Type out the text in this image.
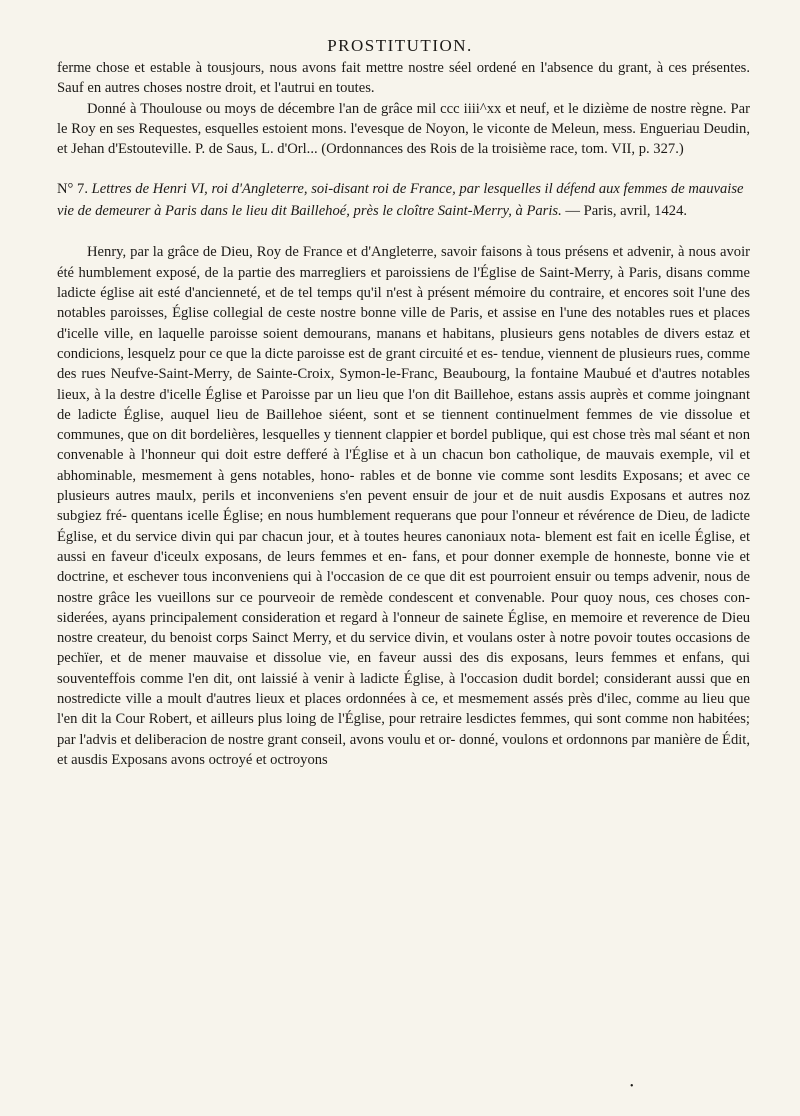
PROSTITUTION.

ferme chose et estable à tousjours, nous avons fait mettre nostre séel ordené en l'absence du grant, à ces présentes. Sauf en autres choses nostre droit, et l'autrui en toutes.

Donné à Thoulouse ou moys de décembre l'an de grâce mil ccc iiii^xx et neuf, et le dizième de nostre règne. Par le Roy en ses Requestes, esquelles estoient mons. l'evesque de Noyon, le viconte de Meleun, mess. Engueriau Deudin, et Jehan d'Estouteville. P. de Saus, L. d'Orl... (Ordonnances des Rois de la troisième race, tom. VII, p. 327.)

N° 7. Lettres de Henri VI, roi d'Angleterre, soi-disant roi de France, par lesquelles il défend aux femmes de mauvaise vie de demeurer à Paris dans le lieu dit Baillehoé, près le cloître Saint-Merry, à Paris. — Paris, avril, 1424.

Henry, par la grâce de Dieu, Roy de France et d'Angleterre, savoir faisons à tous présens et advenir, à nous avoir été humblement exposé, de la partie des marregliers et paroissiens de l'Église de Saint-Merry, à Paris, disans comme ladicte église ait esté d'ancienneté, et de tel temps qu'il n'est à présent mémoire du contraire, et encores soit l'une des notables paroisses, Église collegial de ceste nostre bonne ville de Paris, et assise en l'une des notables rues et places d'icelle ville, en laquelle paroisse soient demourans, manans et habitans, plusieurs gens notables de divers estaz et condicions, lesquelz pour ce que la dicte paroisse est de grant circuité et es- tendue, viennent de plusieurs rues, comme des rues Neufve-Saint-Merry, de Sainte-Croix, Symon-le-Franc, Beaubourg, la fontaine Maubué et d'autres notables lieux, à la destre d'icelle Église et Paroisse par un lieu que l'on dit Baillehoe, estans assis auprès et comme joingnant de ladicte Église, auquel lieu de Baillehoe siéent, sont et se tiennent continuelment femmes de vie dissolue et communes, que on dit bordelières, lesquelles y tiennent clappier et bordel publique, qui est chose très mal séant et non convenable à l'honneur qui doit estre defferé à l'Église et à un chacun bon catholique, de mauvais exemple, vil et abhominable, mesmement à gens notables, hono- rables et de bonne vie comme sont lesdits Exposans; et avec ce plusieurs autres maulx, perils et inconveniens s'en pevent ensuir de jour et de nuit ausdis Exposans et autres noz subgiez fré- quentans icelle Église; en nous humblement requerans que pour l'onneur et révérence de Dieu, de ladicte Église, et du service divin qui par chacun jour, et à toutes heures canoniaux nota- blement est fait en icelle Église, et aussi en faveur d'iceulx exposans, de leurs femmes et en- fans, et pour donner exemple de honneste, bonne vie et doctrine, et eschever tous inconveniens qui à l'occasion de ce que dit est pourroient ensuir ou temps advenir, nous de nostre grâce les vueillons sur ce pourveoir de remède condescent et convenable. Pour quoy nous, ces choses con- siderées, ayans principalement consideration et regard à l'onneur de sainete Église, en memoire et reverence de Dieu nostre createur, du benoist corps Sainct Merry, et du service divin, et voulans oster à notre povoir toutes occasions de pechïer, et de mener mauvaise et dissolue vie, en faveur aussi des dis exposans, leurs femmes et enfans, qui souventeffois comme l'en dit, ont laissié à venir à ladicte Église, à l'occasion dudit bordel; considerant aussi que en nostredicte ville a moult d'autres lieux et places ordonnées à ce, et mesmement assés près d'ilec, comme au lieu que l'en dit la Cour Robert, et ailleurs plus loing de l'Église, pour retraire lesdictes femmes, qui sont comme non habitées; par l'advis et deliberacion de nostre grant conseil, avons voulu et or- donné, voulons et ordonnons par manière de Édit, et ausdis Exposans avons octroyé et octroyons

•
